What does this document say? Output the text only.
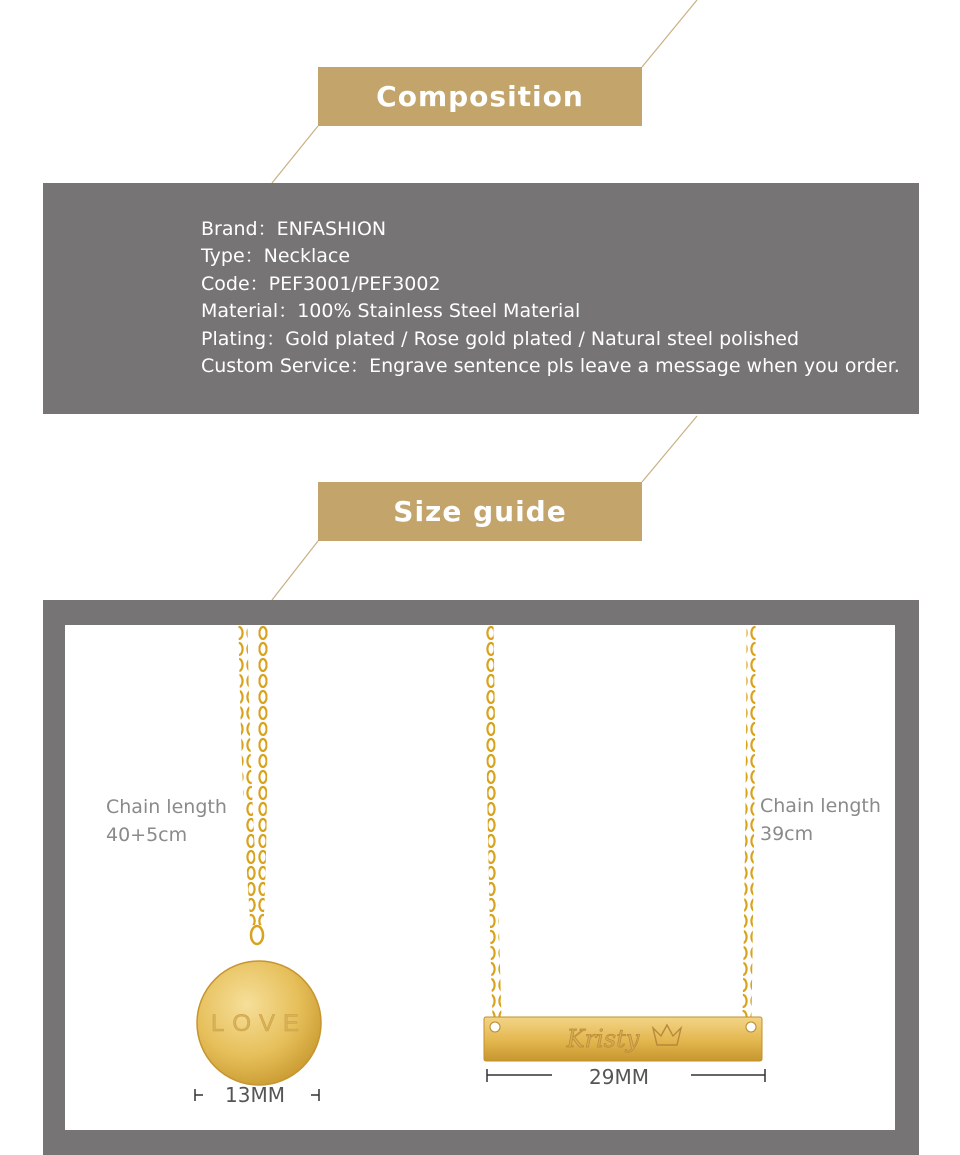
Composition
Brand：ENFASHION
Type：Necklace
Code：PEF3001/PEF3002
Material：100% Stainless Steel Material
Plating：Gold plated / Rose gold plated / Natural steel polished
Custom Service：Engrave sentence pls leave a message when you order.
Size guide
LOVE
Kristy
Chain length
40+5cm
Chain length
39cm
13MM
29MM
